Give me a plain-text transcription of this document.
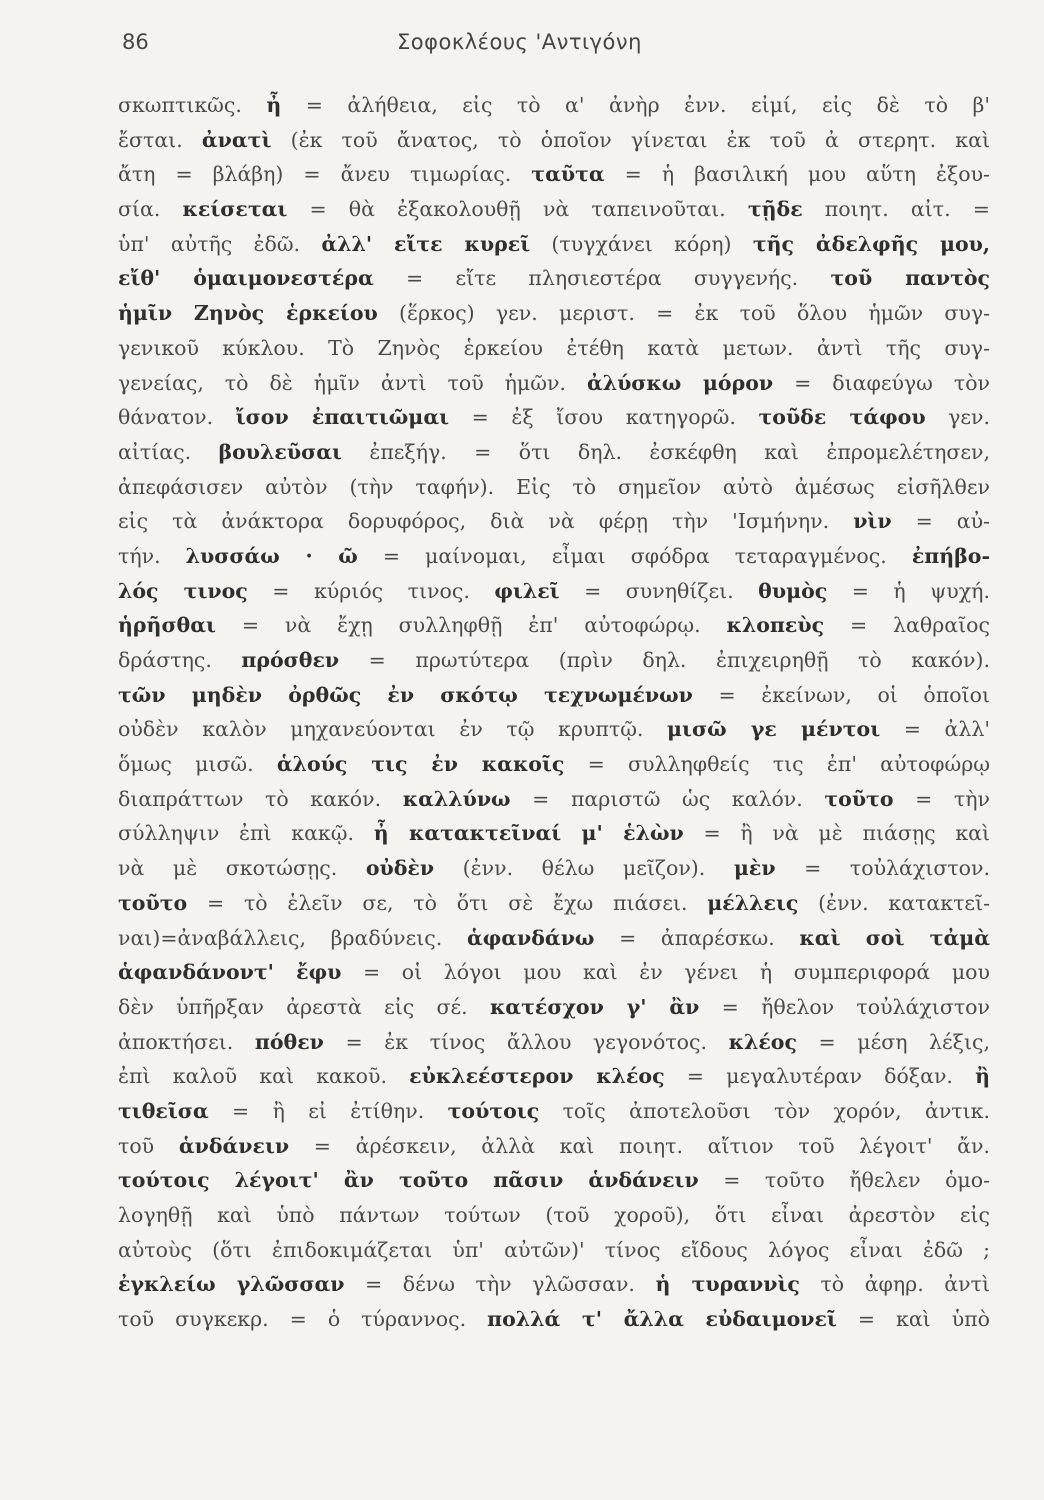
86	Σοφοκλέους 'Αντιγόνη
σκωπτικῶς. ἦ = ἀλήθεια, εἰς τὸ α' ἀνὴρ ἐνν. εἰμί, εἰς δὲ τὸ β'
ἔσται. ἀνατὶ (ἐκ τοῦ ἄνατος, τὸ ὁποῖον γίνεται ἐκ τοῦ ἀ στερητ. καὶ
ἄτη = βλάβη) = ἄνευ τιμωρίας. ταῦτα = ἡ βασιλική μου αὕτη ἐξου-
σία. κείσεται = θὰ ἐξακολουθῇ νὰ ταπεινοῦται. τῇδε ποιητ. αἰτ. =
ὑπ' αὐτῆς ἐδῶ. ἀλλ' εἴτε κυρεῖ (τυγχάνει κόρη) τῆς ἀδελφῆς μου,
εἴθ' ὁμαιμονεστέρα = εἴτε πλησιεστέρα συγγενής. τοῦ παντὸς
ἡμῖν Ζηνὸς ἑρκείου (ἕρκος) γεν. μεριστ. = ἐκ τοῦ ὅλου ἡμῶν συγ-
γενικοῦ κύκλου. Τὸ Ζηνὸς ἑρκείου ἐτέθη κατὰ μετων. ἀντὶ τῆς συγ-
γενείας, τὸ δὲ ἡμῖν ἀντὶ τοῦ ἡμῶν. ἀλύσκω μόρον = διαφεύγω τὸν
θάνατον. ἴσον ἐπαιτιῶμαι = ἐξ ἴσου κατηγορῶ. τοῦδε τάφου γεν.
αἰτίας. βουλεῦσαι ἐπεξήγ. = ὅτι δηλ. ἐσκέφθη καὶ ἐπρομελέτησεν,
ἀπεφάσισεν αὐτὸν (τὴν ταφήν). Εἰς τὸ σημεῖον αὐτὸ ἀμέσως εἰσῆλθεν
εἰς τὰ ἀνάκτορα δορυφόρος, διὰ νὰ φέρῃ τὴν 'Ισμήνην. νὶν = αὐ-
τήν. λυσσάω · ῶ = μαίνομαι, εἶμαι σφόδρα τεταραγμένος. ἐπήβο-
λός τινος = κύριός τινος. φιλεῖ = συνηθίζει. θυμὸς = ἡ ψυχή.
ἡρῆσθαι = νὰ ἔχῃ συλληφθῇ ἐπ' αὐτοφώρῳ. κλοπεὺς = λαθραῖος
δράστης. πρόσθεν = πρωτύτερα (πρὶν δηλ. ἐπιχειρηθῇ τὸ κακόν).
τῶν μηδὲν ὀρθῶς ἐν σκότῳ τεχνωμένων = ἐκείνων, οἱ ὁποῖοι
οὐδὲν καλὸν μηχανεύονται ἐν τῷ κρυπτῷ. μισῶ γε μέντοι = ἀλλ'
ὅμως μισῶ. ἁλούς τις ἐν κακοῖς = συλληφθείς τις ἐπ' αὐτοφώρῳ
διαπράττων τὸ κακόν. καλλύνω = παριστῶ ὡς καλόν. τοῦτο = τὴν
σύλληψιν ἐπὶ κακῷ. ἦ κατακτεῖναί μ' ἑλὼν = ἢ νὰ μὲ πιάσῃς καὶ
νὰ μὲ σκοτώσῃς. οὐδὲν (ἐνν. θέλω μεῖζον). μὲν = τοὐλάχιστον.
τοῦτο = τὸ ἑλεῖν σε, τὸ ὅτι σὲ ἔχω πιάσει. μέλλεις (ἐνν. κατακτεῖ-
ναι)=ἀναβάλλεις, βραδύνεις. ἁφανδάνω = ἀπαρέσκω. καὶ σοὶ τἀμὰ
ἁφανδάνοντ' ἔφυ = οἱ λόγοι μου καὶ ἐν γένει ἡ συμπεριφορά μου
δὲν ὑπῆρξαν ἀρεστὰ εἰς σέ. κατέσχον γ' ἂν = ἤθελον τοὐλάχιστον
ἀποκτήσει. πόθεν = ἐκ τίνος ἄλλου γεγονότος. κλέος = μέση λέξις,
ἐπὶ καλοῦ καὶ κακοῦ. εὐκλεέστερον κλέος = μεγαλυτέραν δόξαν. ἢ
τιθεῖσα = ἢ εἰ ἐτίθην. τούτοις τοῖς ἀποτελοῦσι τὸν χορόν, ἀντικ.
τοῦ ἁνδάνειν = ἀρέσκειν, ἀλλὰ καὶ ποιητ. αἴτιον τοῦ λέγοιτ' ἄν.
τούτοις λέγοιτ' ἂν τοῦτο πᾶσιν ἁνδάνειν = τοῦτο ἤθελεν ὁμο-
λογηθῇ καὶ ὑπὸ πάντων τούτων (τοῦ χοροῦ), ὅτι εἶναι ἀρεστὸν εἰς
αὐτοὺς (ὅτι ἐπιδοκιμάζεται ὑπ' αὐτῶν)' τίνος εἴδους λόγος εἶναι ἐδῶ ;
ἐγκλείω γλῶσσαν = δένω τὴν γλῶσσαν. ἡ τυραννὶς τὸ ἀφηρ. ἀντὶ
τοῦ συγκεκρ. = ὁ τύραννος. πολλά τ' ἄλλα εὐδαιμονεῖ = καὶ ὑπὸ
